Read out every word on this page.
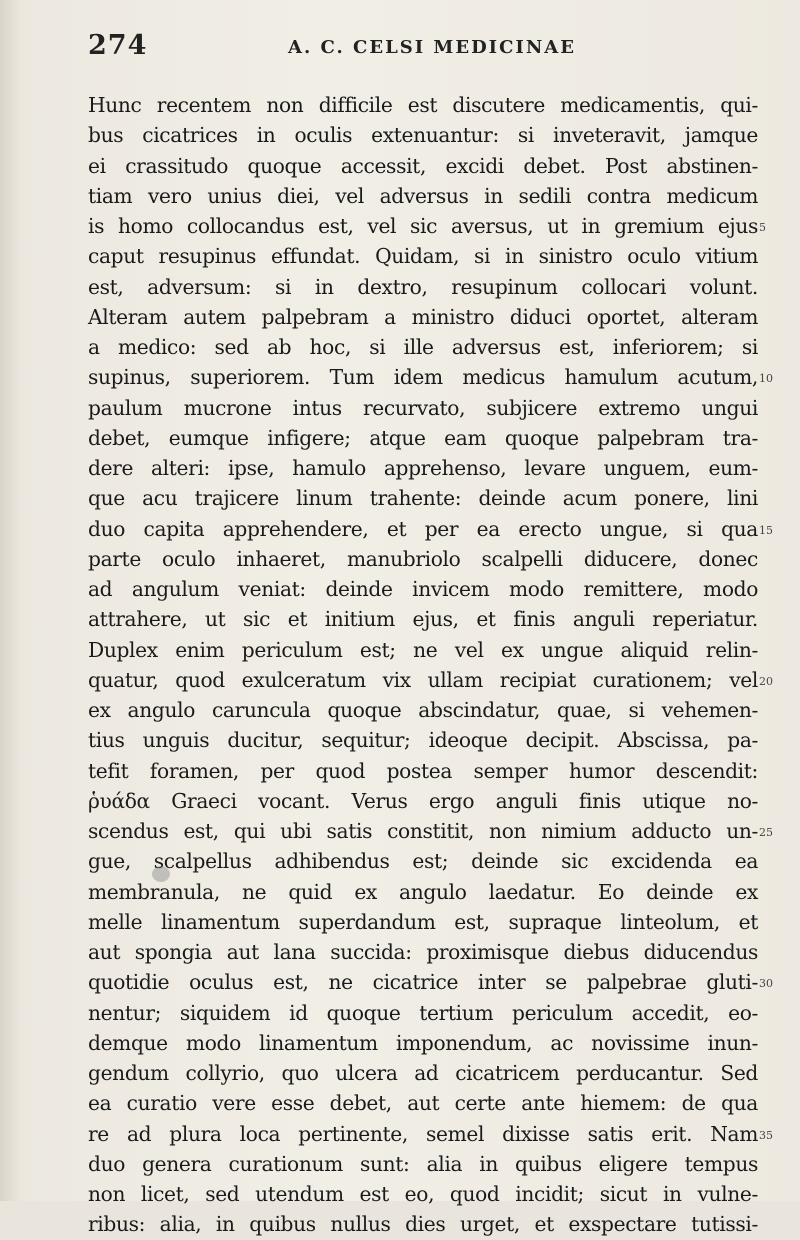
274	A. C. CELSI MEDICINAE
Hunc recentem non difficile est discutere medicamentis, qui-
bus cicatrices in oculis extenuantur: si inveteravit, jamque
ei crassitudo quoque accessit, excidi debet. Post abstinen-
tiam vero unius diei, vel adversus in sedili contra medicum
is homo collocandus est, vel sic aversus, ut in gremium ejus
caput resupinus effundat. Quidam, si in sinistro oculo vitium
est, adversum: si in dextro, resupinum collocari volunt.
Alteram autem palpebram a ministro diduci oportet, alteram
a medico: sed ab hoc, si ille adversus est, inferiorem; si
supinus, superiorem. Tum idem medicus hamulum acutum,
paulum mucrone intus recurvato, subjicere extremo ungui
debet, eumque infigere; atque eam quoque palpebram tra-
dere alteri: ipse, hamulo apprehenso, levare unguem, eum-
que acu trajicere linum trahente: deinde acum ponere, lini
duo capita apprehendere, et per ea erecto ungue, si qua
parte oculo inhaeret, manubriolo scalpelli diducere, donec
ad angulum veniat: deinde invicem modo remittere, modo
attrahere, ut sic et initium ejus, et finis anguli reperiatur.
Duplex enim periculum est; ne vel ex ungue aliquid relin-
quatur, quod exulceratum vix ullam recipiat curationem; vel
ex angulo caruncula quoque abscindatur, quae, si vehemen-
tius unguis ducitur, sequitur; ideoque decipit. Abscissa, pa-
tefit foramen, per quod postea semper humor descendit:
ῥυάδα Graeci vocant. Verus ergo anguli finis utique no-
scendus est, qui ubi satis constitit, non nimium adducto un-
gue, scalpellus adhibendus est; deinde sic excidenda ea
membranula, ne quid ex angulo laedatur. Eo deinde ex
melle linamentum superdandum est, supraque linteolum, et
aut spongia aut lana succida: proximisque diebus diducendus
quotidie oculus est, ne cicatrice inter se palpebrae gluti-
nentur; siquidem id quoque tertium periculum accedit, eo-
demque modo linamentum imponendum, ac novissime inun-
gendum collyrio, quo ulcera ad cicatricem perducantur. Sed
ea curatio vere esse debet, aut certe ante hiemem: de qua
re ad plura loca pertinente, semel dixisse satis erit. Nam
duo genera curationum sunt: alia in quibus eligere tempus
non licet, sed utendum est eo, quod incidit; sicut in vulne-
ribus: alia, in quibus nullus dies urget, et exspectare tutissi-
5
10
15
20
25
30
35
